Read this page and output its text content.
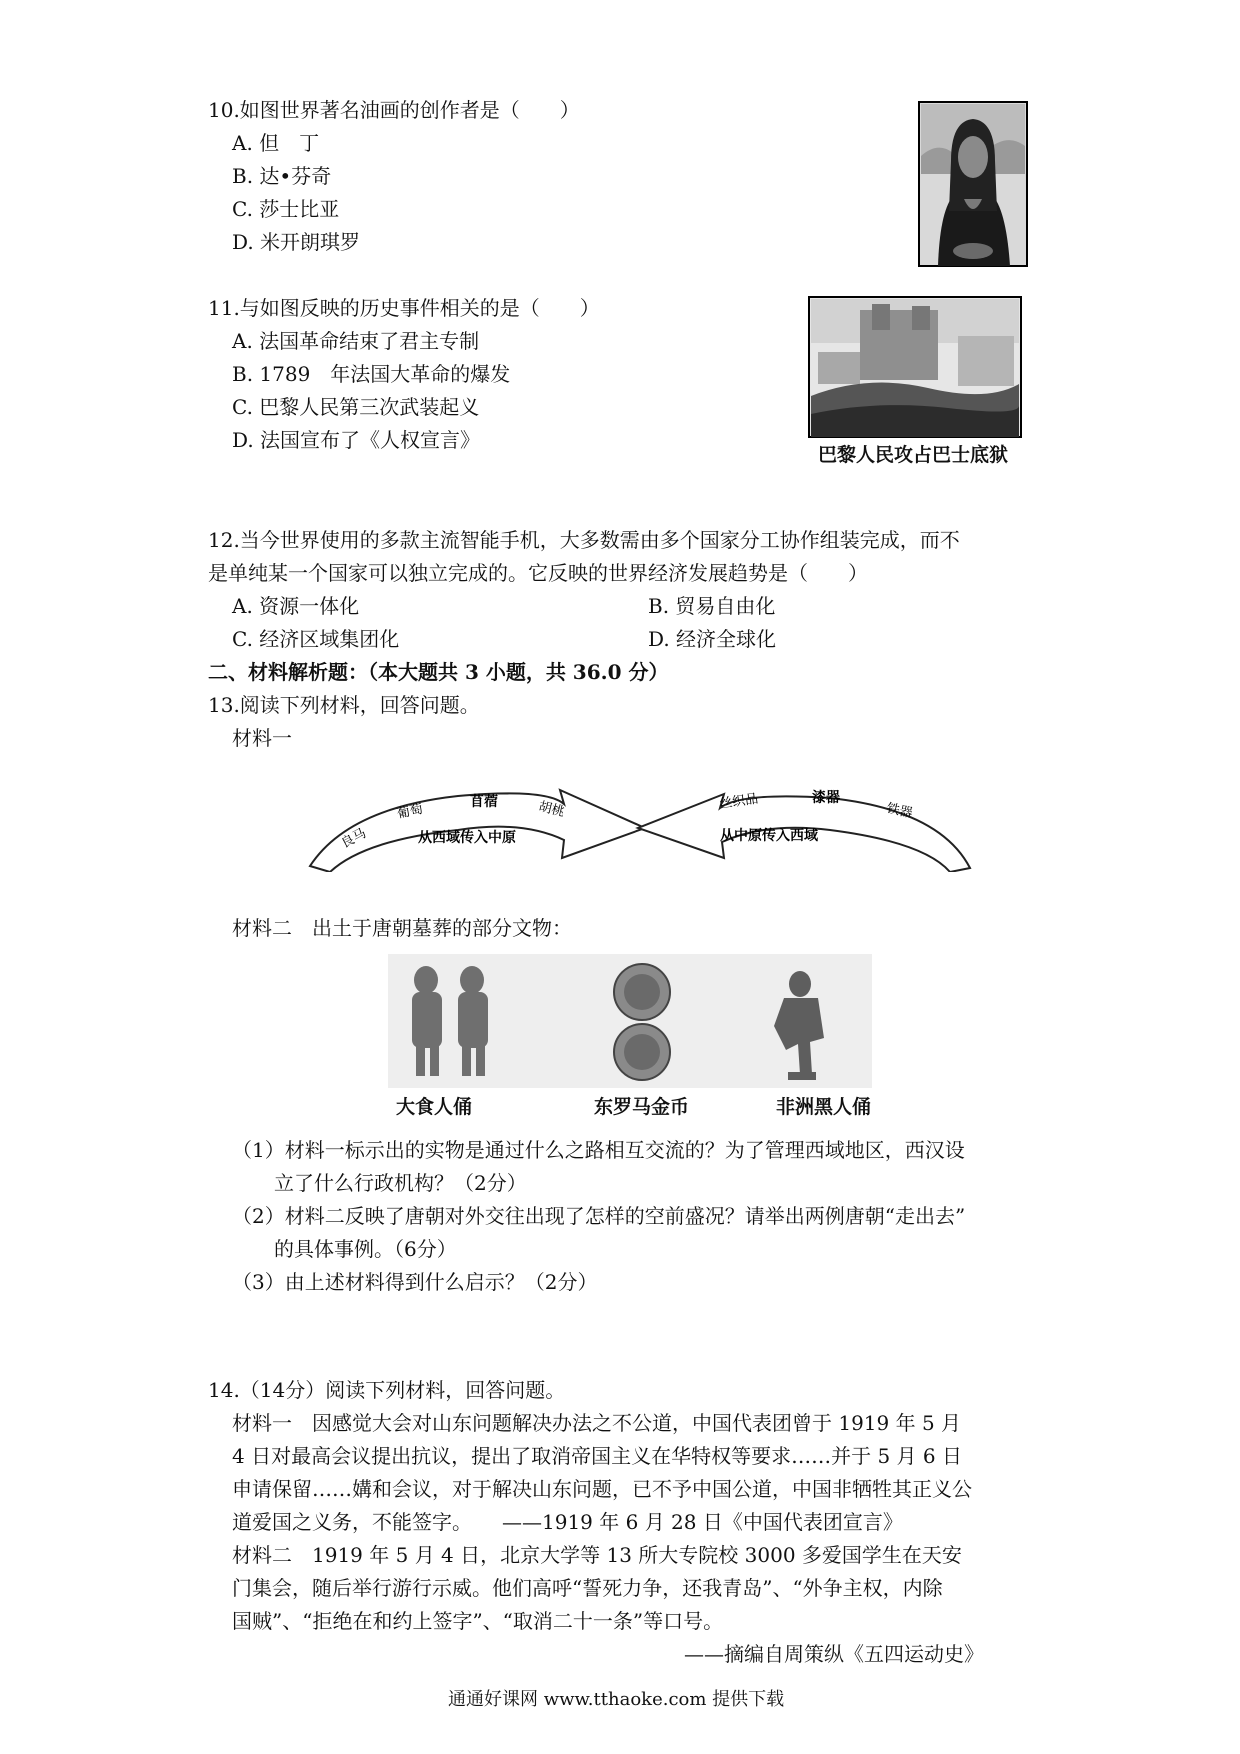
10.如图世界著名油画的创作者是（　　）
A. 但　丁
B. 达•芬奇
C. 莎士比亚
D. 米开朗琪罗
11.与如图反映的历史事件相关的是（　　）
A. 法国革命结束了君主专制
B. 1789　年法国大革命的爆发
C. 巴黎人民第三次武装起义
D. 法国宣布了《人权宣言》
巴黎人民攻占巴士底狱
12.当今世界使用的多款主流智能手机，大多数需由多个国家分工协作组装完成，而不
是单纯某一个国家可以独立完成的。它反映的世界经济发展趋势是（　　）
A. 资源一体化	B. 贸易自由化
C. 经济区域集团化	D. 经济全球化
二、材料解析题：（本大题共 3 小题，共 36.0 分）
13.阅读下列材料，回答问题。
材料一
良马
葡萄	苜蓿	胡桃
从西域传入中原
丝织品	漆器
铁器
从中原传入西域
材料二　出土于唐朝墓葬的部分文物：
大食人俑	东罗马金币	非洲黑人俑
（1）材料一标示出的实物是通过什么之路相互交流的？为了管理西域地区，西汉设
立了什么行政机构？（2分）
（2）材料二反映了唐朝对外交往出现了怎样的空前盛况？请举出两例唐朝“走出去”
的具体事例。（6分）
（3）由上述材料得到什么启示？（2分）
14.（14分）阅读下列材料，回答问题。
材料一　因感觉大会对山东问题解决办法之不公道，中国代表团曾于 1919 年 5 月
4 日对最高会议提出抗议，提出了取消帝国主义在华特权等要求……并于 5 月 6 日
申请保留……媾和会议，对于解决山东问题，已不予中国公道，中国非牺牲其正义公
道爱国之义务，不能签字。　　——1919 年 6 月 28 日《中国代表团宣言》
材料二　1919 年 5 月 4 日，北京大学等 13 所大专院校 3000 多爱国学生在天安
门集会，随后举行游行示威。他们高呼“誓死力争，还我青岛”、“外争主权，内除
国贼”、“拒绝在和约上签字”、“取消二十一条”等口号。
——摘编自周策纵《五四运动史》
通通好课网 www.tthaoke.com 提供下载
